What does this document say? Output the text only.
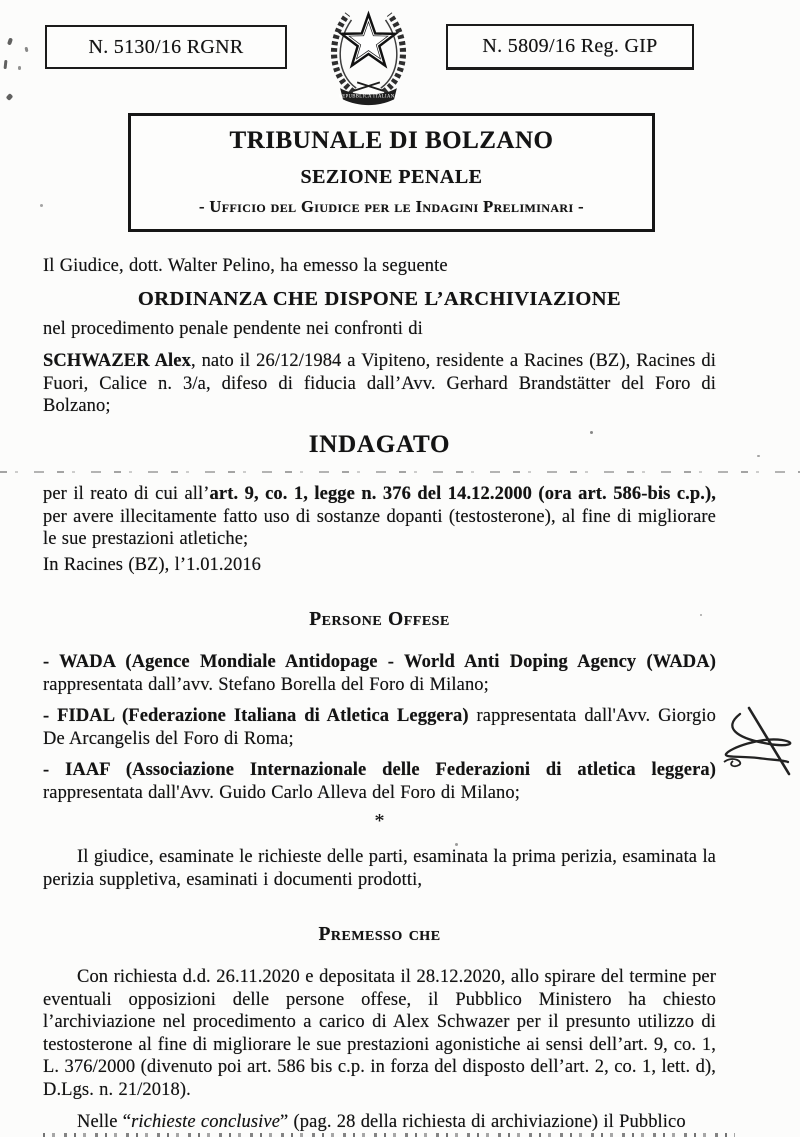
N. 5130/16 RGNR	N. 5809/16 Reg. GIP
REPUBBLICA ITALIANA
TRIBUNALE DI BOLZANO
SEZIONE PENALE
- Ufficio del Giudice per le Indagini Preliminari -
Il Giudice, dott. Walter Pelino, ha emesso la seguente
ORDINANZA CHE DISPONE L’ARCHIVIAZIONE
nel procedimento penale pendente nei confronti di
SCHWAZER Alex, nato il 26/12/1984 a Vipiteno, residente a Racines (BZ), Racines di Fuori, Calice n. 3/a, difeso di fiducia dall’Avv. Gerhard Brandstätter del Foro di Bolzano;
INDAGATO
per il reato di cui all’art. 9, co. 1, legge n. 376 del 14.12.2000 (ora art. 586-bis c.p.), per avere illecitamente fatto uso di sostanze dopanti (testosterone), al fine di migliorare le sue prestazioni atletiche;
In Racines (BZ), l’1.01.2016
Persone Offese
- WADA (Agence Mondiale Antidopage - World Anti Doping Agency (WADA) rappresentata dall’avv. Stefano Borella del Foro di Milano;
- FIDAL (Federazione Italiana di Atletica Leggera) rappresentata dall'Avv. Giorgio De Arcangelis del Foro di Roma;
- IAAF (Associazione Internazionale delle Federazioni di atletica leggera) rappresentata dall'Avv. Guido Carlo Alleva del Foro di Milano;
*
Il giudice, esaminate le richieste delle parti, esaminata la prima perizia, esaminata la perizia suppletiva, esaminati i documenti prodotti,
Premesso che
Con richiesta d.d. 26.11.2020 e depositata il 28.12.2020, allo spirare del termine per eventuali opposizioni delle persone offese, il Pubblico Ministero ha chiesto l’archiviazione nel procedimento a carico di Alex Schwazer per il presunto utilizzo di testosterone al fine di migliorare le sue prestazioni agonistiche ai sensi dell’art. 9, co. 1, L. 376/2000 (divenuto poi art. 586 bis c.p. in forza del disposto dell’art. 2, co. 1, lett. d), D.Lgs. n. 21/2018).
Nelle “richieste conclusive” (pag. 28 della richiesta di archiviazione) il Pubblico
